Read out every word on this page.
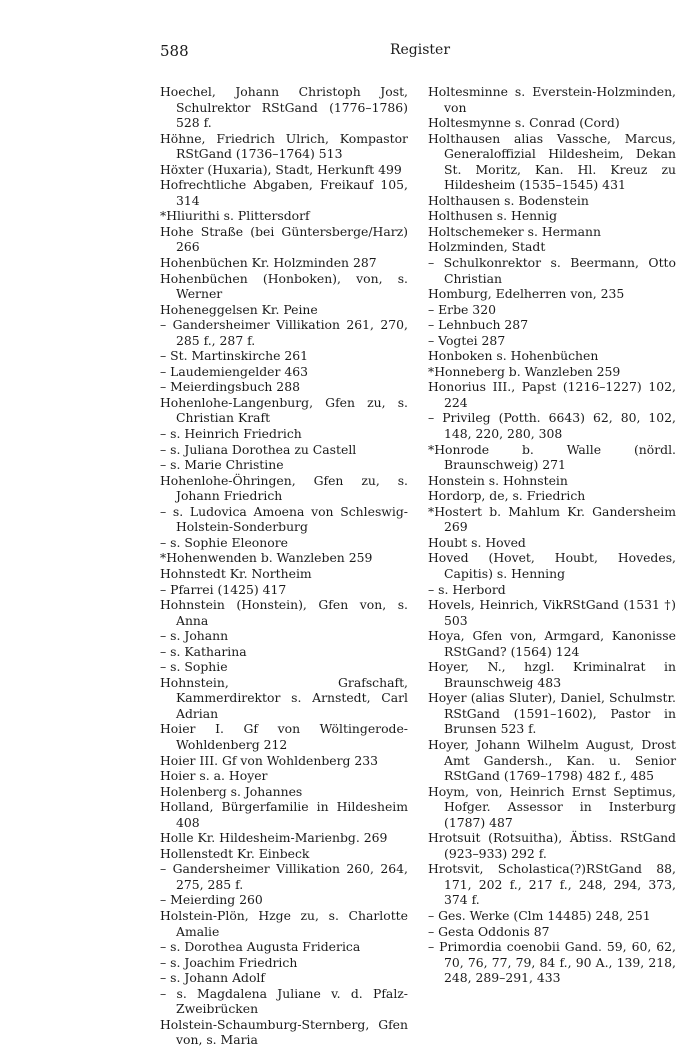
588	Register

Hoechel, Johann Christoph Jost, Schulrektor RStGand (1776–1786) 528 f.

Höhne, Friedrich Ulrich, Kompastor RStGand (1736–1764) 513

Höxter (Huxaria), Stadt, Herkunft 499

Hofrechtliche Abgaben, Freikauf 105, 314

*Hliurithi s. Plittersdorf

Hohe Straße (bei Güntersberge/Harz) 266

Hohenbüchen Kr. Holzminden 287

Hohenbüchen (Honboken), von, s. Werner

Hoheneggelsen Kr. Peine

– Gandersheimer Villikation 261, 270, 285 f., 287 f.

– St. Martinskirche 261

– Laudemiengelder 463

– Meierdingsbuch 288

Hohenlohe-Langenburg, Gfen zu, s. Christian Kraft

– s. Heinrich Friedrich

– s. Juliana Dorothea zu Castell

– s. Marie Christine

Hohenlohe-Öhringen, Gfen zu, s. Johann Friedrich

– s. Ludovica Amoena von Schleswig-Holstein-Sonderburg

– s. Sophie Eleonore

*Hohenwenden b. Wanzleben 259

Hohnstedt Kr. Northeim

– Pfarrei (1425) 417

Hohnstein (Honstein), Gfen von, s. Anna

– s. Johann

– s. Katharina

– s. Sophie

Hohnstein, Grafschaft, Kammerdirektor s. Arnstedt, Carl Adrian

Hoier I. Gf von Wöltingerode-Wohldenberg 212

Hoier III. Gf von Wohldenberg 233

Hoier s. a. Hoyer

Holenberg s. Johannes

Holland, Bürgerfamilie in Hildesheim 408

Holle Kr. Hildesheim-Marienbg. 269

Hollenstedt Kr. Einbeck

– Gandersheimer Villikation 260, 264, 275, 285 f.

– Meierding 260

Holstein-Plön, Hzge zu, s. Charlotte Amalie

– s. Dorothea Augusta Friderica

– s. Joachim Friedrich

– s. Johann Adolf

– s. Magdalena Juliane v. d. Pfalz-Zweibrücken

Holstein-Schaumburg-Sternberg, Gfen von, s. Maria

Holtesminne s. Everstein-Holzminden, von

Holtesmynne s. Conrad (Cord)

Holthausen alias Vassche, Marcus, Generaloffizial Hildesheim, Dekan St. Moritz, Kan. Hl. Kreuz zu Hildesheim (1535–1545) 431

Holthausen s. Bodenstein

Holthusen s. Hennig

Holtschemeker s. Hermann

Holzminden, Stadt

– Schulkonrektor s. Beermann, Otto Christian

Homburg, Edelherren von, 235

– Erbe 320

– Lehnbuch 287

– Vogtei 287

Honboken s. Hohenbüchen

*Honneberg b. Wanzleben 259

Honorius III., Papst (1216–1227) 102, 224

– Privileg (Potth. 6643) 62, 80, 102, 148, 220, 280, 308

*Honrode b. Walle (nördl. Braunschweig) 271

Honstein s. Hohnstein

Hordorp, de, s. Friedrich

*Hostert b. Mahlum Kr. Gandersheim 269

Houbt s. Hoved

Hoved (Hovet, Houbt, Hovedes, Capitis) s. Henning

– s. Herbord

Hovels, Heinrich, VikRStGand (1531 †) 503

Hoya, Gfen von, Armgard, Kanonisse RStGand? (1564) 124

Hoyer, N., hzgl. Kriminalrat in Braunschweig 483

Hoyer (alias Sluter), Daniel, Schulmstr. RStGand (1591–1602), Pastor in Brunsen 523 f.

Hoyer, Johann Wilhelm August, Drost Amt Gandersh., Kan. u. Senior RStGand (1769–1798) 482 f., 485

Hoym, von, Heinrich Ernst Septimus, Hofger. Assessor in Insterburg (1787) 487

Hrotsuit (Rotsuitha), Äbtiss. RStGand (923–933) 292 f.

Hrotsvit, Scholastica(?)RStGand 88, 171, 202 f., 217 f., 248, 294, 373, 374 f.

– Ges. Werke (Clm 14485) 248, 251

– Gesta Oddonis 87

– Primordia coenobii Gand. 59, 60, 62, 70, 76, 77, 79, 84 f., 90 A., 139, 218, 248, 289–291, 433
